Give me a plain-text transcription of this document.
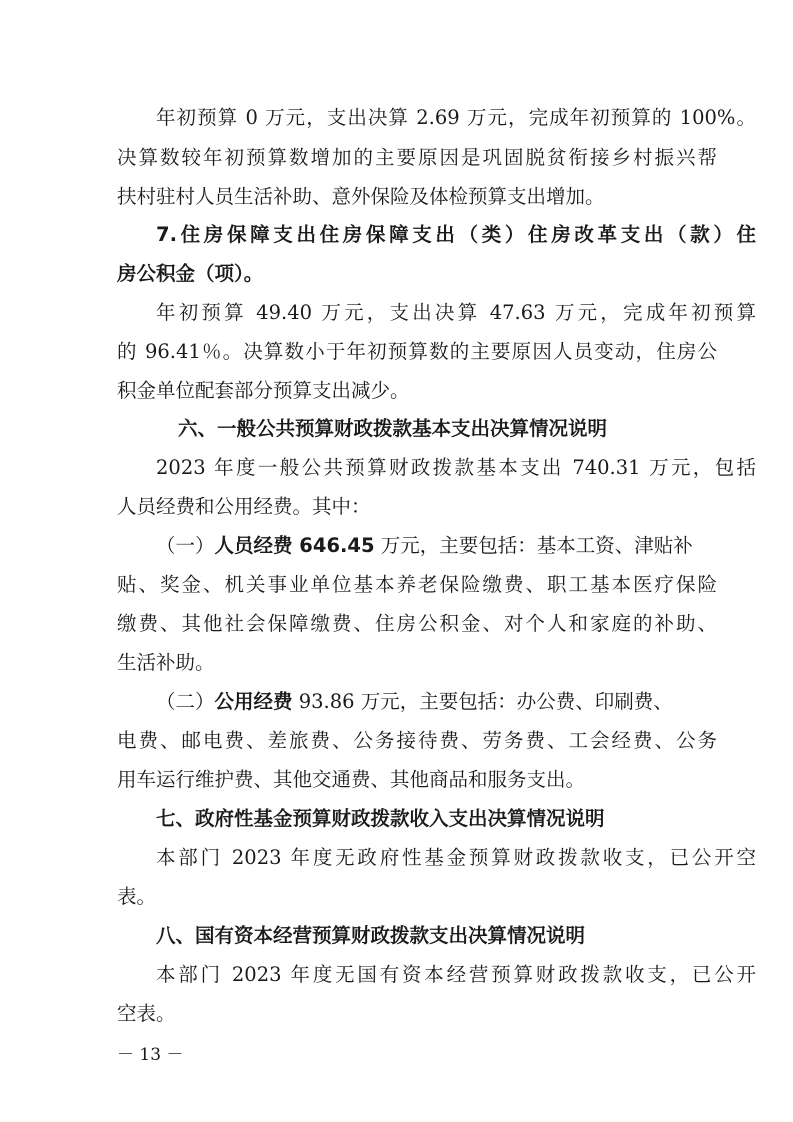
年初预算 0 万元，支出决算 2.69 万元，完成年初预算的 100%。
决算数较年初预算数增加的主要原因是巩固脱贫衔接乡村振兴帮
扶村驻村人员生活补助、意外保险及体检预算支出增加。
7.住房保障支出住房保障支出（类）住房改革支出（款）住
房公积金（项）。
年初预算 49.40 万元，支出决算 47.63 万元，完成年初预算
的 96.41％。决算数小于年初预算数的主要原因人员变动，住房公
积金单位配套部分预算支出减少。
六、一般公共预算财政拨款基本支出决算情况说明
2023 年度一般公共预算财政拨款基本支出 740.31 万元，包括
人员经费和公用经费。其中：
（一）人员经费 646.45 万元，主要包括：基本工资、津贴补
贴、奖金、机关事业单位基本养老保险缴费、职工基本医疗保险
缴费、其他社会保障缴费、住房公积金、对个人和家庭的补助、
生活补助。
（二）公用经费 93.86 万元，主要包括：办公费、印刷费、
电费、邮电费、差旅费、公务接待费、劳务费、工会经费、公务
用车运行维护费、其他交通费、其他商品和服务支出。
七、政府性基金预算财政拨款收入支出决算情况说明
本部门 2023 年度无政府性基金预算财政拨款收支，已公开空
表。
八、国有资本经营预算财政拨款支出决算情况说明
本部门 2023 年度无国有资本经营预算财政拨款收支，已公开
空表。
－ 13 －
